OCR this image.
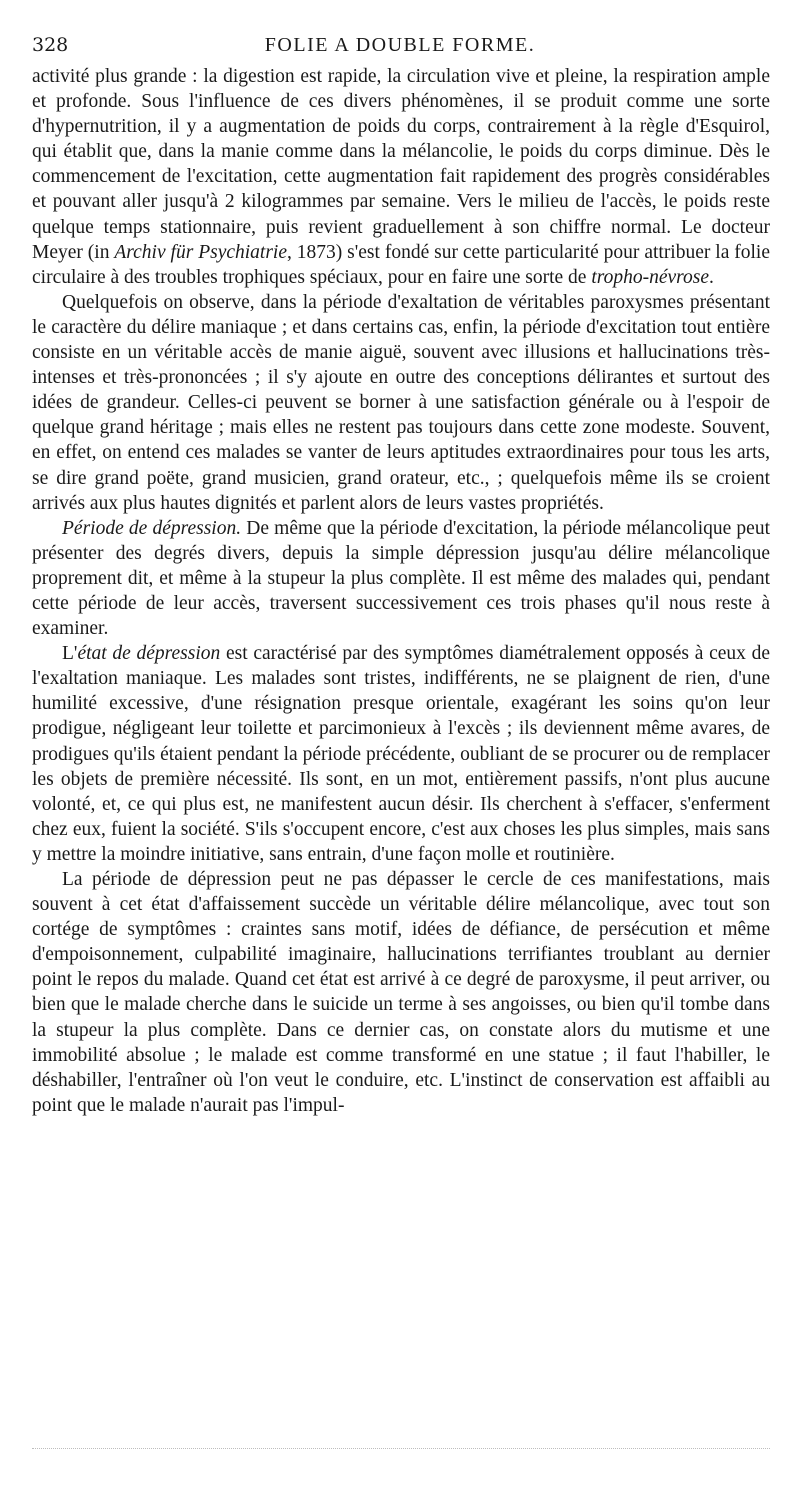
328	FOLIE A DOUBLE FORME.

activité plus grande : la digestion est rapide, la circulation vive et pleine, la respiration ample et profonde. Sous l'influence de ces divers phénomènes, il se produit comme une sorte d'hypernutrition, il y a augmentation de poids du corps, contrairement à la règle d'Esquirol, qui établit que, dans la manie comme dans la mélancolie, le poids du corps diminue. Dès le commencement de l'excitation, cette augmentation fait rapidement des progrès considérables et pouvant aller jusqu'à 2 kilogrammes par semaine. Vers le milieu de l'accès, le poids reste quelque temps stationnaire, puis revient graduellement à son chiffre normal. Le docteur Meyer (in Archiv für Psychiatrie, 1873) s'est fondé sur cette particularité pour attribuer la folie circulaire à des troubles trophiques spéciaux, pour en faire une sorte de tropho-névrose.

Quelquefois on observe, dans la période d'exaltation de véritables paroxysmes présentant le caractère du délire maniaque ; et dans certains cas, enfin, la période d'excitation tout entière consiste en un véritable accès de manie aiguë, souvent avec illusions et hallucinations très-intenses et très-prononcées ; il s'y ajoute en outre des conceptions délirantes et surtout des idées de grandeur. Celles-ci peuvent se borner à une satisfaction générale ou à l'espoir de quelque grand héritage ; mais elles ne restent pas toujours dans cette zone modeste. Souvent, en effet, on entend ces malades se vanter de leurs aptitudes extraordinaires pour tous les arts, se dire grand poëte, grand musicien, grand orateur, etc., ; quelquefois même ils se croient arrivés aux plus hautes dignités et parlent alors de leurs vastes propriétés.

Période de dépression. De même que la période d'excitation, la période mélancolique peut présenter des degrés divers, depuis la simple dépression jusqu'au délire mélancolique proprement dit, et même à la stupeur la plus complète. Il est même des malades qui, pendant cette période de leur accès, traversent successivement ces trois phases qu'il nous reste à examiner.

L'état de dépression est caractérisé par des symptômes diamétralement opposés à ceux de l'exaltation maniaque. Les malades sont tristes, indifférents, ne se plaignent de rien, d'une humilité excessive, d'une résignation presque orientale, exagérant les soins qu'on leur prodigue, négligeant leur toilette et parcimonieux à l'excès ; ils deviennent même avares, de prodigues qu'ils étaient pendant la période précédente, oubliant de se procurer ou de remplacer les objets de première nécessité. Ils sont, en un mot, entièrement passifs, n'ont plus aucune volonté, et, ce qui plus est, ne manifestent aucun désir. Ils cherchent à s'effacer, s'enferment chez eux, fuient la société. S'ils s'occupent encore, c'est aux choses les plus simples, mais sans y mettre la moindre initiative, sans entrain, d'une façon molle et routinière.

La période de dépression peut ne pas dépasser le cercle de ces manifestations, mais souvent à cet état d'affaissement succède un véritable délire mélancolique, avec tout son cortége de symptômes : craintes sans motif, idées de défiance, de persécution et même d'empoisonnement, culpabilité imaginaire, hallucinations terrifiantes troublant au dernier point le repos du malade. Quand cet état est arrivé à ce degré de paroxysme, il peut arriver, ou bien que le malade cherche dans le suicide un terme à ses angoisses, ou bien qu'il tombe dans la stupeur la plus complète. Dans ce dernier cas, on constate alors du mutisme et une immobilité absolue ; le malade est comme transformé en une statue ; il faut l'habiller, le déshabiller, l'entraîner où l'on veut le conduire, etc. L'instinct de conservation est affaibli au point que le malade n'aurait pas l'impul-
